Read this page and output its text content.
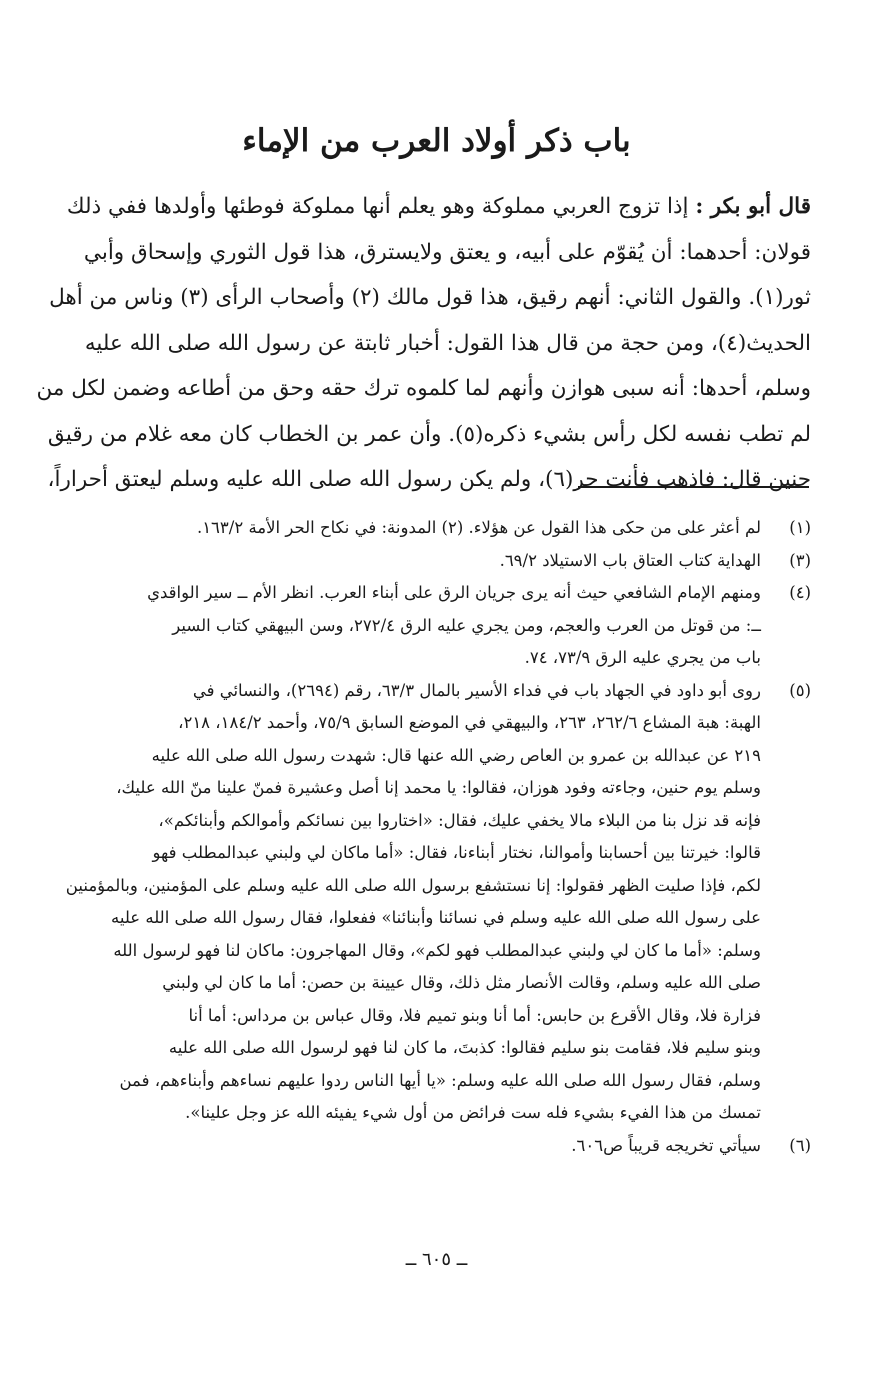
باب ذكر أولاد العرب من الإماء
قال أبو بكر : إذا تزوج العربي مملوكة وهو يعلم أنها مملوكة فوطئها وأولدها ففي ذلك
قولان: أحدهما: أن يُقوّم على أبيه، و يعتق ولايسترق، هذا قول الثوري وإسحاق وأبي
ثور(١). والقول الثاني: أنهم رقيق، هذا قول مالك (٢) وأصحاب الرأى (٣) وناس من أهل
الحديث(٤)، ومن حجة من قال هذا القول: أخبار ثابتة عن رسول الله صلى الله عليه
وسلم، أحدها: أنه سبى هوازن وأنهم لما كلموه ترك حقه وحق من أطاعه وضمن لكل من
لم تطب نفسه لكل رأس بشيء ذكره(٥). وأن عمر بن الخطاب كان معه غلام من رقيق
حنين قال: فاذهب فأنت حر(٦)، ولم يكن رسول الله صلى الله عليه وسلم ليعتق أحراراً،
(١)
لم أعثر على من حكى هذا القول عن هؤلاء. (٢) المدونة: في نكاح الحر الأمة ١٦٣/٢.
(٣)
الهداية كتاب العتاق باب الاستيلاد ٦٩/٢.
(٤)
ومنهم الإمام الشافعي حيث أنه يرى جريان الرق على أبناء العرب. انظر الأم ــ سير الواقدي
ــ: من قوتل من العرب والعجم، ومن يجري عليه الرق ٢٧٢/٤، وسن البيهقي كتاب السير
باب من يجري عليه الرق ٧٣/٩، ٧٤.
(٥)
روى أبو داود في الجهاد باب في فداء الأسير بالمال ٦٣/٣، رقم (٢٦٩٤)، والنسائي في
الهبة: هبة المشاع ٢٦٢/٦، ٢٦٣، والبيهقي في الموضع السابق ٧٥/٩، وأحمد ١٨٤/٢، ٢١٨،
٢١٩ عن عبدالله بن عمرو بن العاص رضي الله عنها قال: شهدت رسول الله صلى الله عليه
وسلم يوم حنين، وجاءته وفود هوزان، فقالوا: يا محمد إنا أصل وعشيرة فمنّ علينا منّ الله عليك،
فإنه قد نزل بنا من البلاء مالا يخفي عليك، فقال: «اختاروا بين نسائكم وأموالكم وأبنائكم»،
قالوا: خيرتنا بين أحسابنا وأموالنا، نختار أبناءنا، فقال: «أما ماكان لي ولبني عبدالمطلب فهو
لكم، فإذا صليت الظهر فقولوا: إنا نستشفع برسول الله صلى الله عليه وسلم على المؤمنين، وبالمؤمنين
على رسول الله صلى الله عليه وسلم في نسائنا وأبنائنا» ففعلوا، فقال رسول الله صلى الله عليه
وسلم: «أما ما كان لي ولبني عبدالمطلب فهو لكم»، وقال المهاجرون: ماكان لنا فهو لرسول الله
صلى الله عليه وسلم، وقالت الأنصار مثل ذلك، وقال عيينة بن حصن: أما ما كان لي ولبني
فزارة فلا، وقال الأقرع بن حابس: أما أنا وبنو تميم فلا، وقال عباس بن مرداس: أما أنا
وبنو سليم فلا، فقامت بنو سليم فقالوا: كذبتَ، ما كان لنا فهو لرسول الله صلى الله عليه
وسلم، فقال رسول الله صلى الله عليه وسلم: «يا أيها الناس ردوا عليهم نساءهم وأبناءهم، فمن
تمسك من هذا الفيء بشيء فله ست فرائض من أول شيء يفيئه الله عز وجل علينا».
(٦)
سيأتي تخريجه قريباً ص٦٠٦.
ــ ٦٠٥ ــ
